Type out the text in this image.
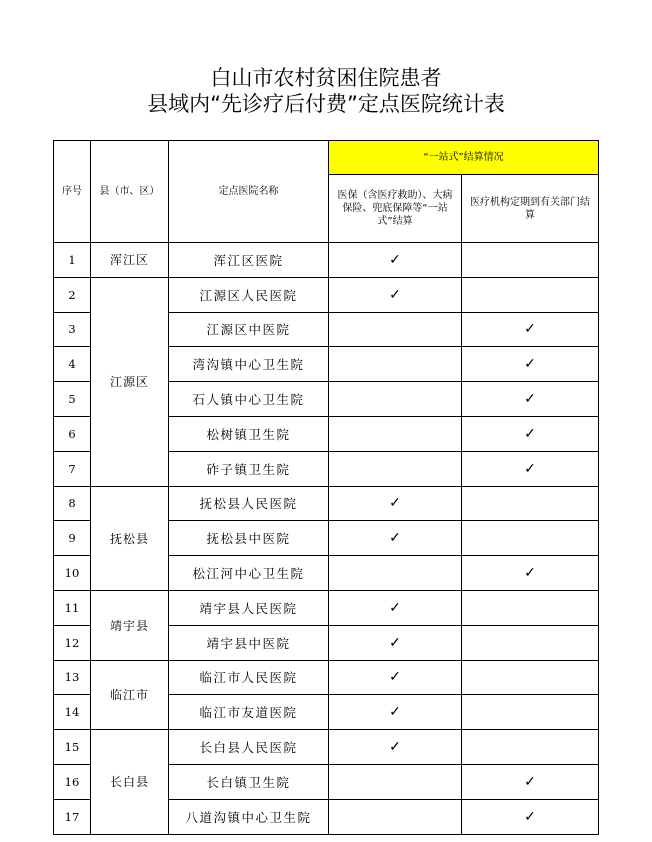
白山市农村贫困住院患者
县域内“先诊疗后付费”定点医院统计表
序号	县（市、区）	定点医院名称	“一站式”结算情况	
			医保（含医疗救助）、大病保险、兜底保障等“一站式”结算	医疗机构定期到有关部门结算
1	浑江区	浑江区医院	✓	
2	江源区	江源区人民医院	✓	
3		江源区中医院		✓
4		湾沟镇中心卫生院		✓
5		石人镇中心卫生院		✓
6		松树镇卫生院		✓
7		砟子镇卫生院		✓
8	抚松县	抚松县人民医院	✓	
9		抚松县中医院	✓	
10		松江河中心卫生院		✓
11	靖宇县	靖宇县人民医院	✓	
12		靖宇县中医院	✓	
13	临江市	临江市人民医院	✓	
14		临江市友道医院	✓	
15	长白县	长白县人民医院	✓	
16		长白镇卫生院		✓
17		八道沟镇中心卫生院		✓
